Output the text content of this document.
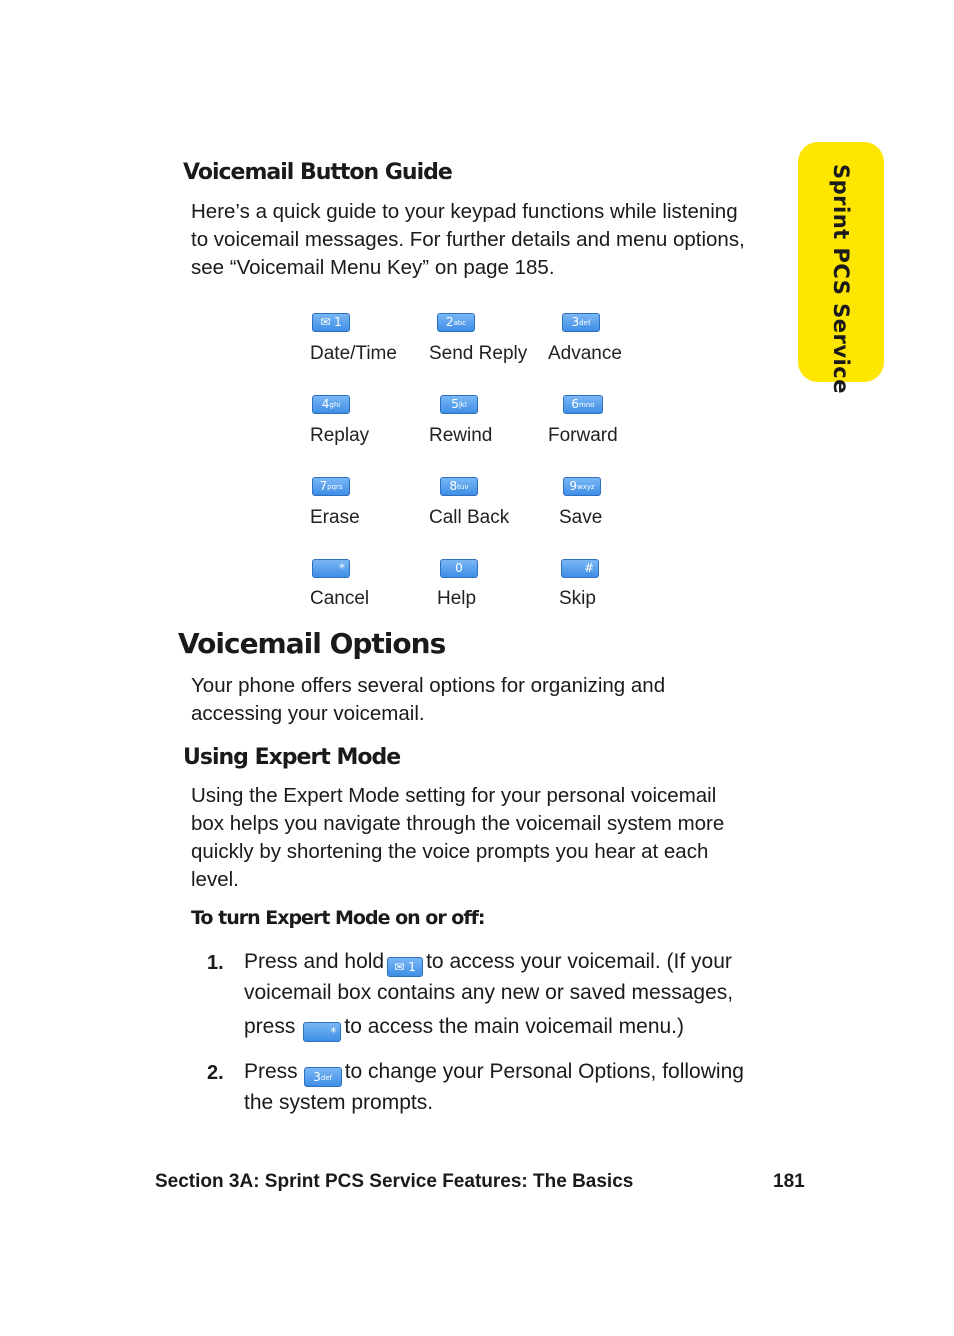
Sprint PCS Service
Voicemail Button Guide
Here’s a quick guide to your keypad functions while listening
to voicemail messages. For further details and menu options,
see “Voicemail Menu Key” on page 185.
✉ 1
Date/Time
2abc
Send Reply
3def
Advance
4ghi
Replay
5jkl
Rewind
6mno
Forward
7pqrs
Erase
8tuv
Call Back
9wxyz
Save
*
Cancel
0
Help
#
Skip
Voicemail Options
Your phone offers several options for organizing and
accessing your voicemail.
Using Expert Mode
Using the Expert Mode setting for your personal voicemail
box helps you navigate through the voicemail system more
quickly by shortening the voice prompts you hear at each
level.
To turn Expert Mode on or off:
1. Press and hold ✉ 1 to access your voicemail. (If your
voicemail box contains any new or saved messages,
press	* to access the main voicemail menu.)
2. Press 3def to change your Personal Options, following
the system prompts.
Section 3A: Sprint PCS Service Features: The Basics	181
